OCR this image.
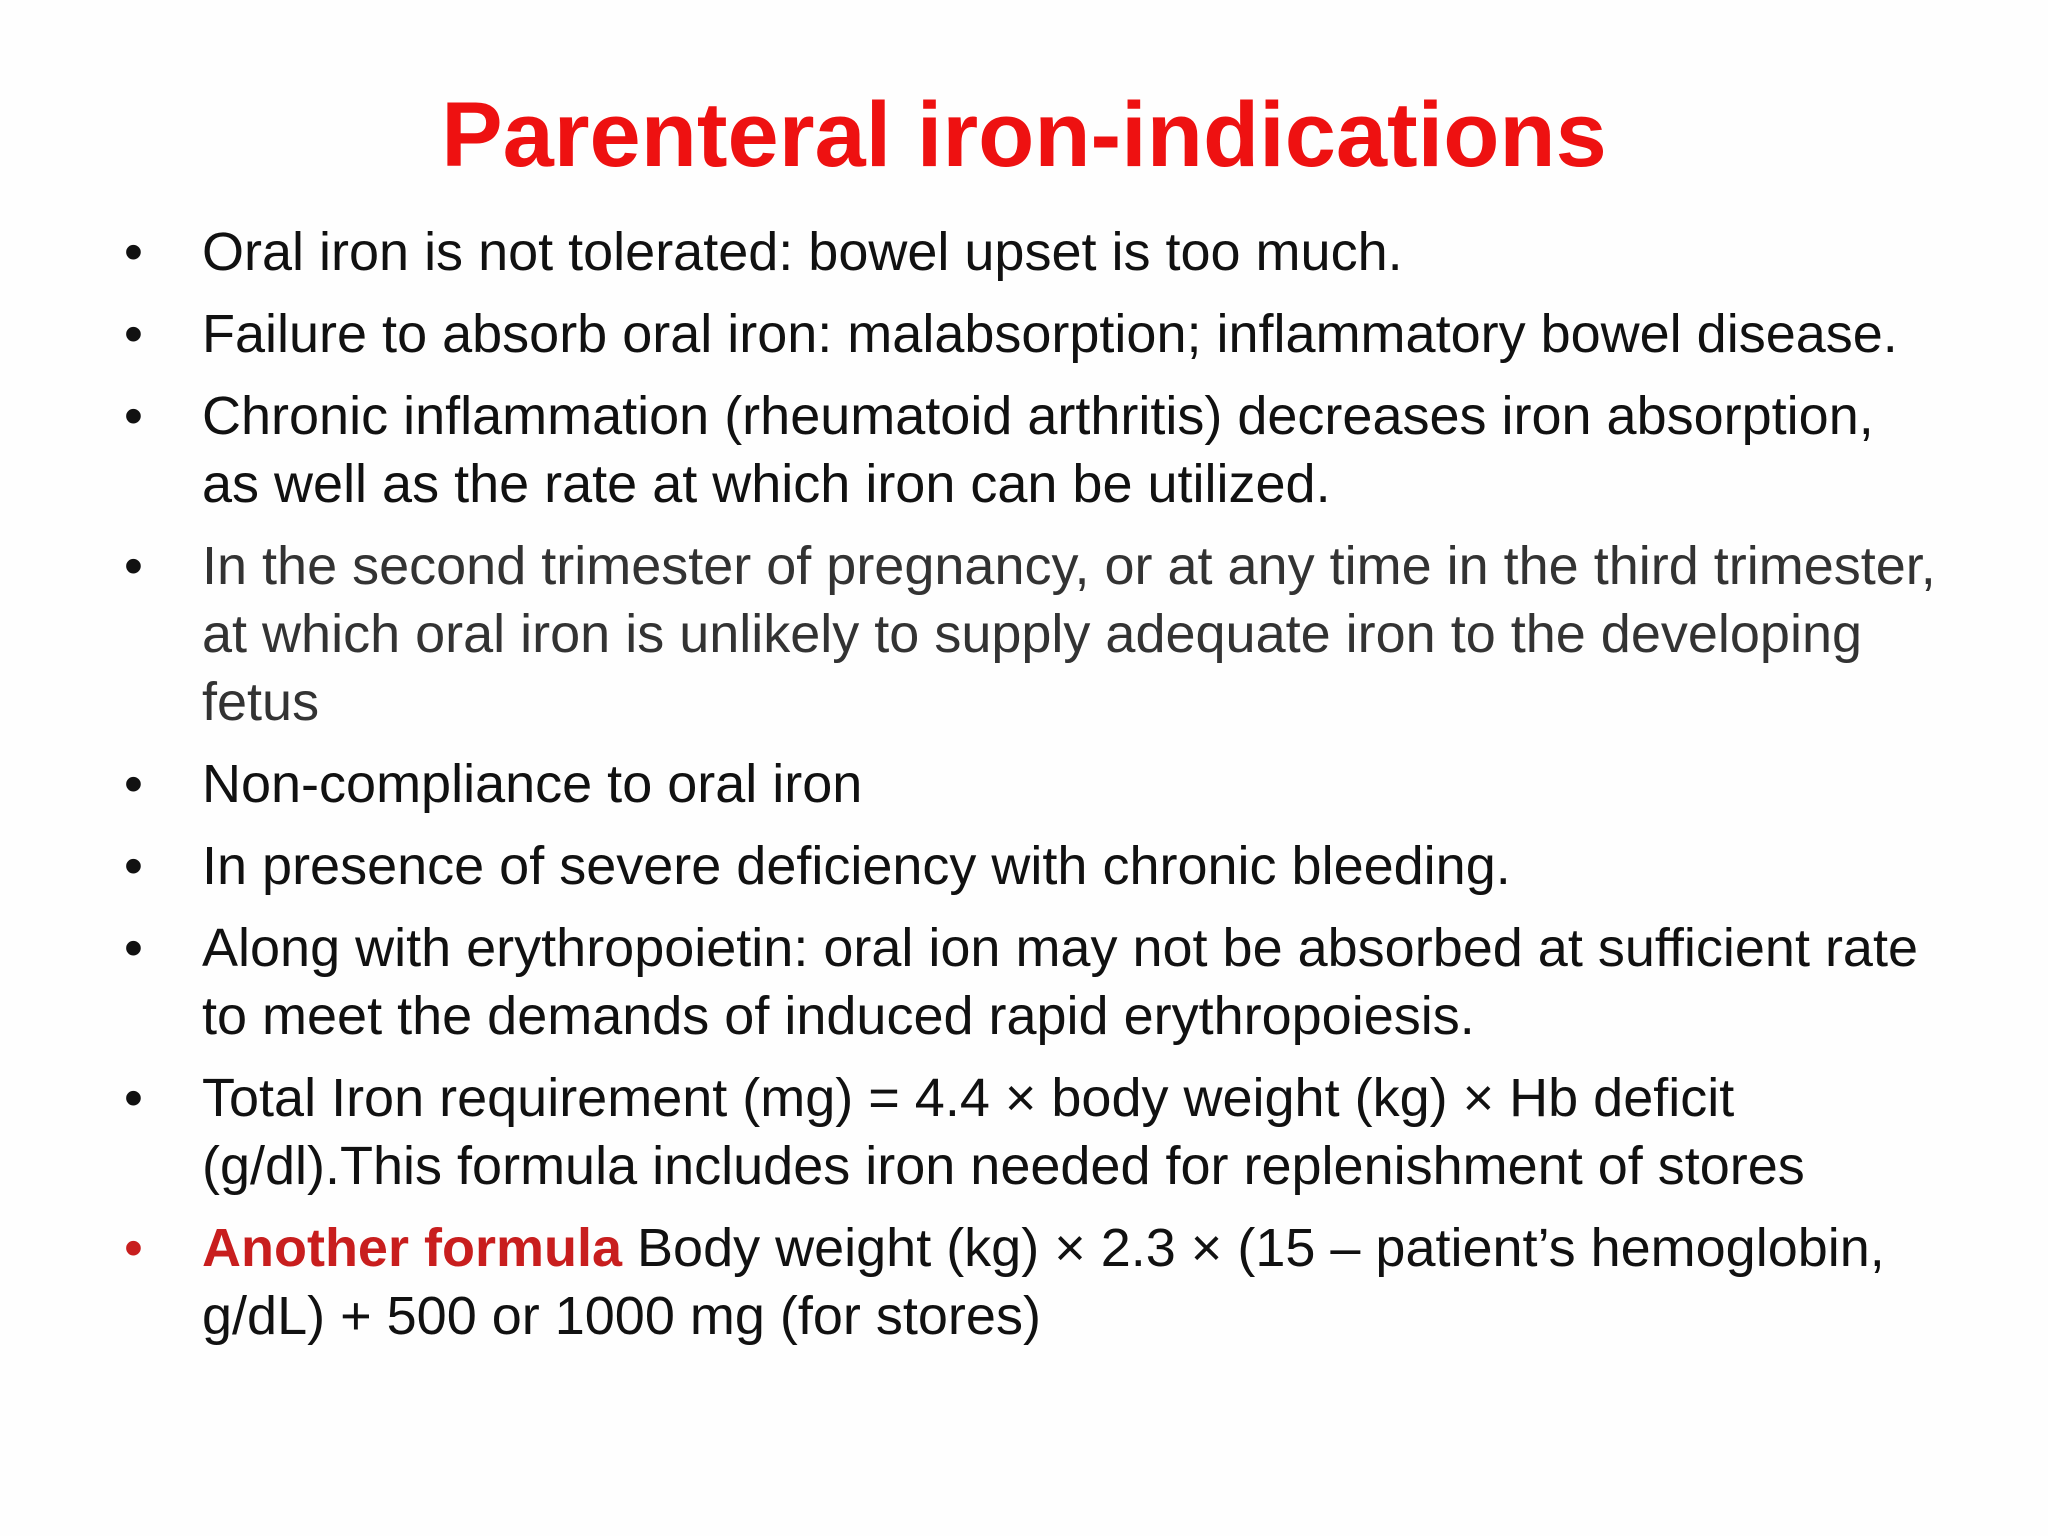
Parenteral iron-indications
•	Oral iron is not tolerated: bowel upset is too much.
•	Failure to absorb oral iron: malabsorption; inflammatory bowel disease.
•	Chronic inflammation (rheumatoid arthritis) decreases iron absorption, as well as the rate at which iron can be utilized.
•	In the second trimester of pregnancy, or at any time in the third trimester, at which oral iron is unlikely to supply adequate iron to the developing fetus
•	Non-compliance to oral iron
•	In presence of severe deficiency with chronic bleeding.
•	Along with erythropoietin: oral ion may not be absorbed at sufficient rate to meet the demands of induced rapid erythropoiesis.
•	Total Iron requirement (mg) = 4.4 × body weight (kg) × Hb deficit (g/dl).This formula includes iron needed for replenishment of stores
•	Another formula Body weight (kg) × 2.3 × (15 – patient’s hemoglobin, g/dL) + 500 or 1000 mg (for stores)
